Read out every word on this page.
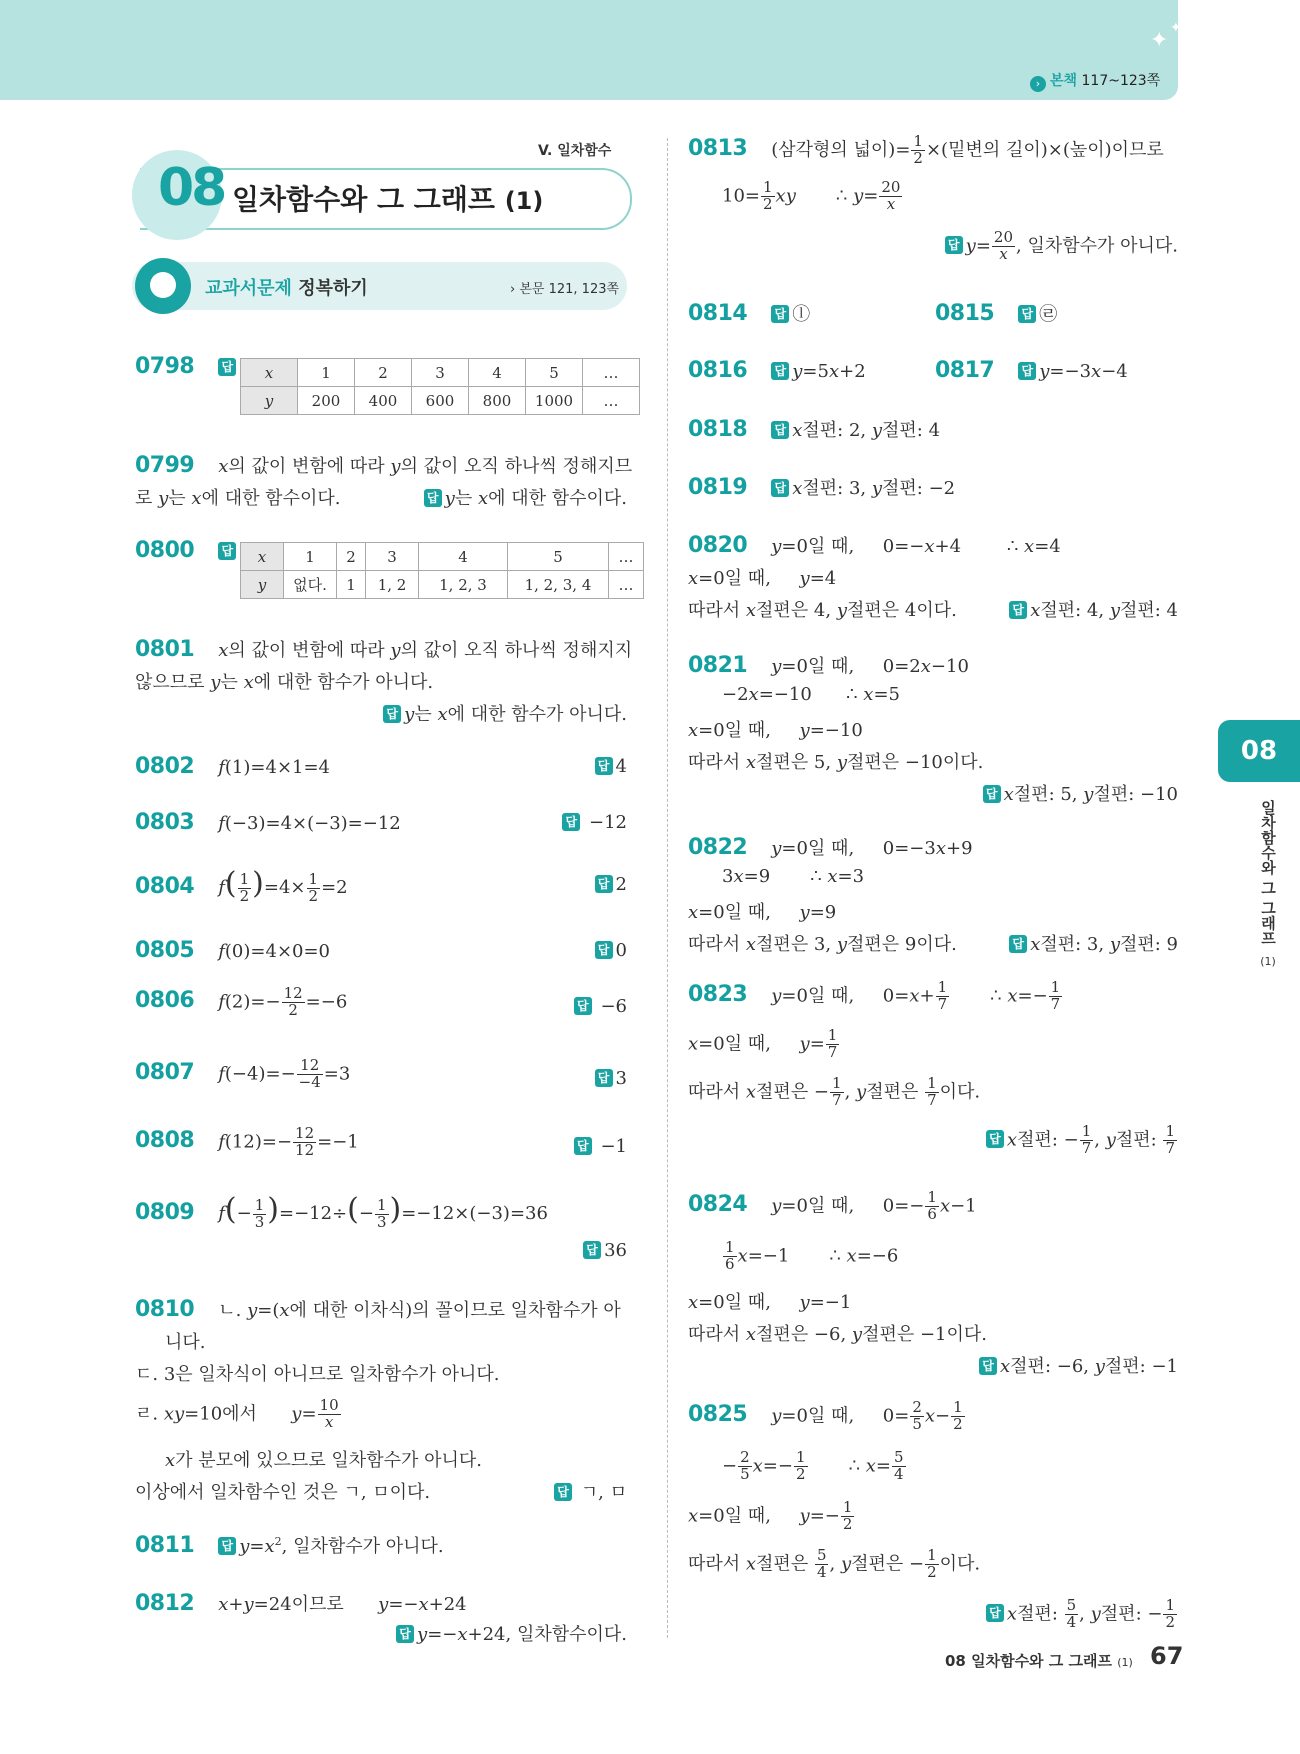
✦ ✦
› 본책 117~123쪽
V. 일차함수
08 일차함수와 그 그래프 (1)
교과서문제 정복하기	› 본문 121, 123쪽
0798 답	x	1	2	3	4	5	…
y	200	400	600	800	1000	…
0799 x의 값이 변함에 따라 y의 값이 오직 하나씩 정해지므
로 y는 x에 대한 함수이다.	답 y는 x에 대한 함수이다.
0800 답	x	1	2	3	4	5	…
y	없다.	1	1, 2	1, 2, 3	1, 2, 3, 4	…
0801 x의 값이 변함에 따라 y의 값이 오직 하나씩 정해지지
않으므로 y는 x에 대한 함수가 아니다.
답 y는 x에 대한 함수가 아니다.
0802 f(1)=4×1=4	답 4
0803 f(−3)=4×(−3)=−12	답 −12
0804 $f( \frac{1}{2} )=4\times \frac{1}{2} =2$	답 2
0805 f(0)=4×0=0	답 0
0806 $f(2)=- \frac{12}{2} =-6$	답 −6
0807 $f(-4)=- \frac{12}{-4} =3$	답 3
0808 $f(12)=- \frac{12}{12} =-1$	답 −1
0809 $f(- \frac{1}{3} )=-12\div(- \frac{1}{3} )=-12\times(-3)=36$
답 36
0810 ㄴ. y=(x에 대한 이차식)의 꼴이므로 일차함수가 아
니다.
ㄷ. 3은 일차식이 아니므로 일차함수가 아니다.
ㄹ. xy=10에서      $y= \frac{10}{x}$
x가 분모에 있으므로 일차함수가 아니다.
이상에서 일차함수인 것은 ㄱ, ㅁ이다.	답 ㄱ, ㅁ
0811 답 $y=x^2$, 일차함수가 아니다.
0812 x+y=24이므로      y=−x+24
답 y=−x+24, 일차함수이다.
0813 (삼각형의 넓이)= $\frac{1}{2}$ ×(밑변의 길이)×(높이)이므로
$10= \frac{1}{2}$ xy       ∴ $y= \frac{20}{x}$
답 $y= \frac{20}{x}$ , 일차함수가 아니다.
0814 답 ⓛ	0815 답 ㉣
0816 답 y=5x+2	0817 답 y=−3x−4
0818 답 x절편: 2, y절편: 4
0819 답 x절편: 3, y절편: −2
0820 y=0일 때,     0=−x+4        ∴ x=4
x=0일 때,     y=4
따라서 x절편은 4, y절편은 4이다.	답 x절편: 4, y절편: 4
0821 y=0일 때,     0=2x−10
−2x=−10      ∴ x=5
x=0일 때,     y=−10
따라서 x절편은 5, y절편은 −10이다.
답 x절편: 5, y절편: −10
0822 y=0일 때,     0=−3x+9
3x=9       ∴ x=3
x=0일 때,     y=9
따라서 x절편은 3, y절편은 9이다.	답 x절편: 3, y절편: 9
0823 y=0일 때,     $0=x+ \frac{1}{7}$ ∴ $x=- \frac{1}{7}$
x=0일 때,     $y= \frac{1}{7}$
따라서 x절편은 − $\frac{1}{7}$ , y절편은 $\frac{1}{7}$ 이다.
답 x절편: − $\frac{1}{7}$ , y절편: $\frac{1}{7}$
0824 y=0일 때,     $0=- \frac{1}{6} x-1$
$\frac{1}{6} x=-1$       ∴ x=−6
x=0일 때,     y=−1
따라서 x절편은 −6, y절편은 −1이다.
답 x절편: −6, y절편: −1
0825 y=0일 때,     $0= \frac{2}{5} x- \frac{1}{2}$
− $\frac{2}{5} x=- \frac{1}{2}$ ∴ $x= \frac{5}{4}$
x=0일 때,     $y=- \frac{1}{2}$
따라서 x절편은 $\frac{5}{4}$ , y절편은 − $\frac{1}{2}$ 이다.
답 x절편: $\frac{5}{4}$ , y절편: − $\frac{1}{2}$
08
일차함수와 그 그래프
(1)
08 일차함수와 그 그래프 (1) 67
